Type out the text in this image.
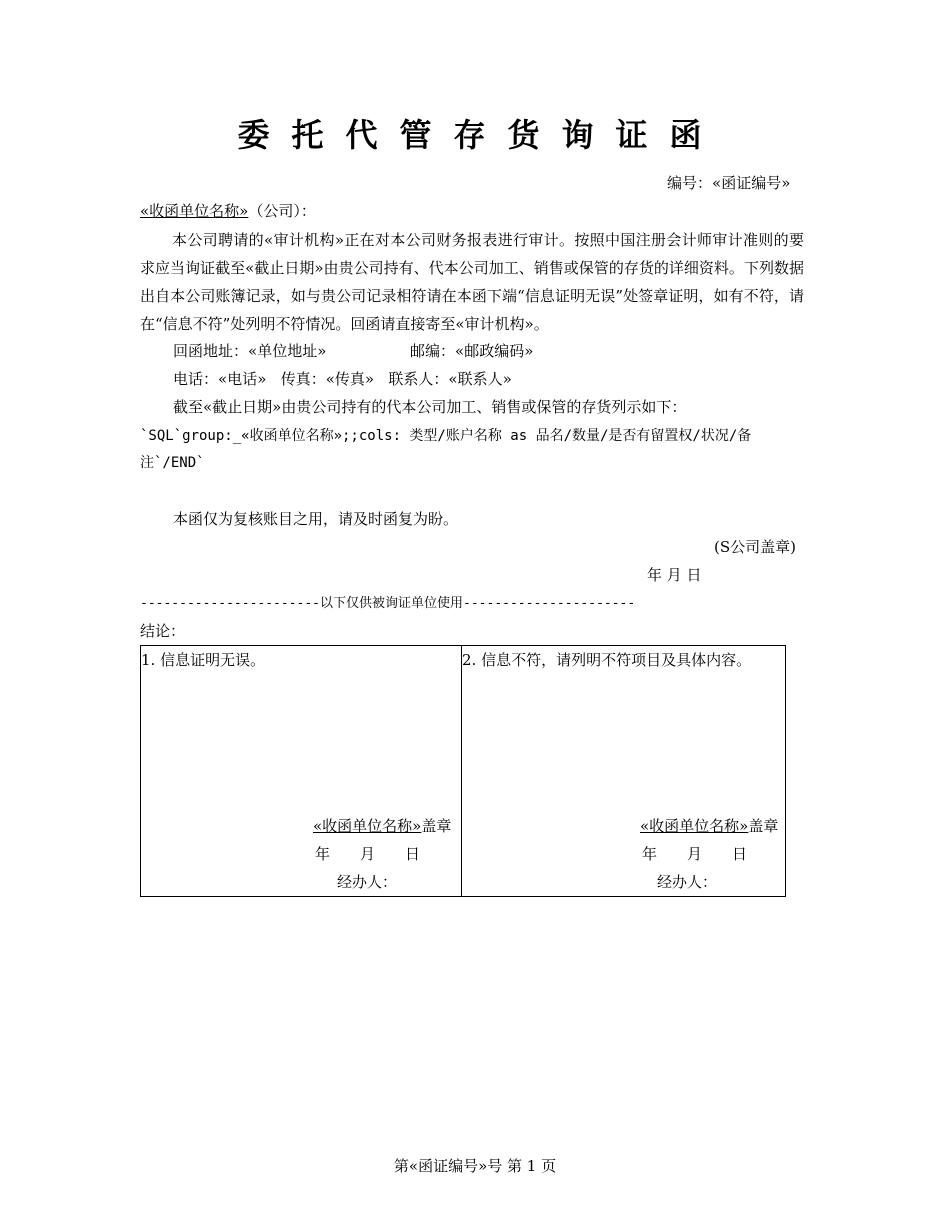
委托代管存货询证函
编号：«函证编号»
«收函单位名称»（公司）：
本公司聘请的«审计机构»正在对本公司财务报表进行审计。按照中国注册会计师审计准则的要求应当询证截至«截止日期»由贵公司持有、代本公司加工、销售或保管的存货的详细资料。下列数据出自本公司账簿记录，如与贵公司记录相符请在本函下端“信息证明无误”处签章证明，如有不符，请在“信息不符”处列明不符情况。回函请直接寄至«审计机构»。
回函地址：«单位地址»	邮编：«邮政编码»
电话：«电话» 传真：«传真» 联系人：«联系人»
截至«截止日期»由贵公司持有的代本公司加工、销售或保管的存货列示如下：
`SQL`group:_«收函单位名称»;;cols: 类型/账户名称 as 品名/数量/是否有留置权/状况/备
注`/END`
本函仅为复核账目之用，请及时函复为盼。
(S公司盖章)
年 月 日
-----------------------以下仅供被询证单位使用----------------------
结论：
1. 信息证明无误。
«收函单位名称»盖章
年　　月　　日
经办人：
2. 信息不符，请列明不符项目及具体内容。
«收函单位名称»盖章
年　　月　　日
经办人：
第«函证编号»号 第 1 页
